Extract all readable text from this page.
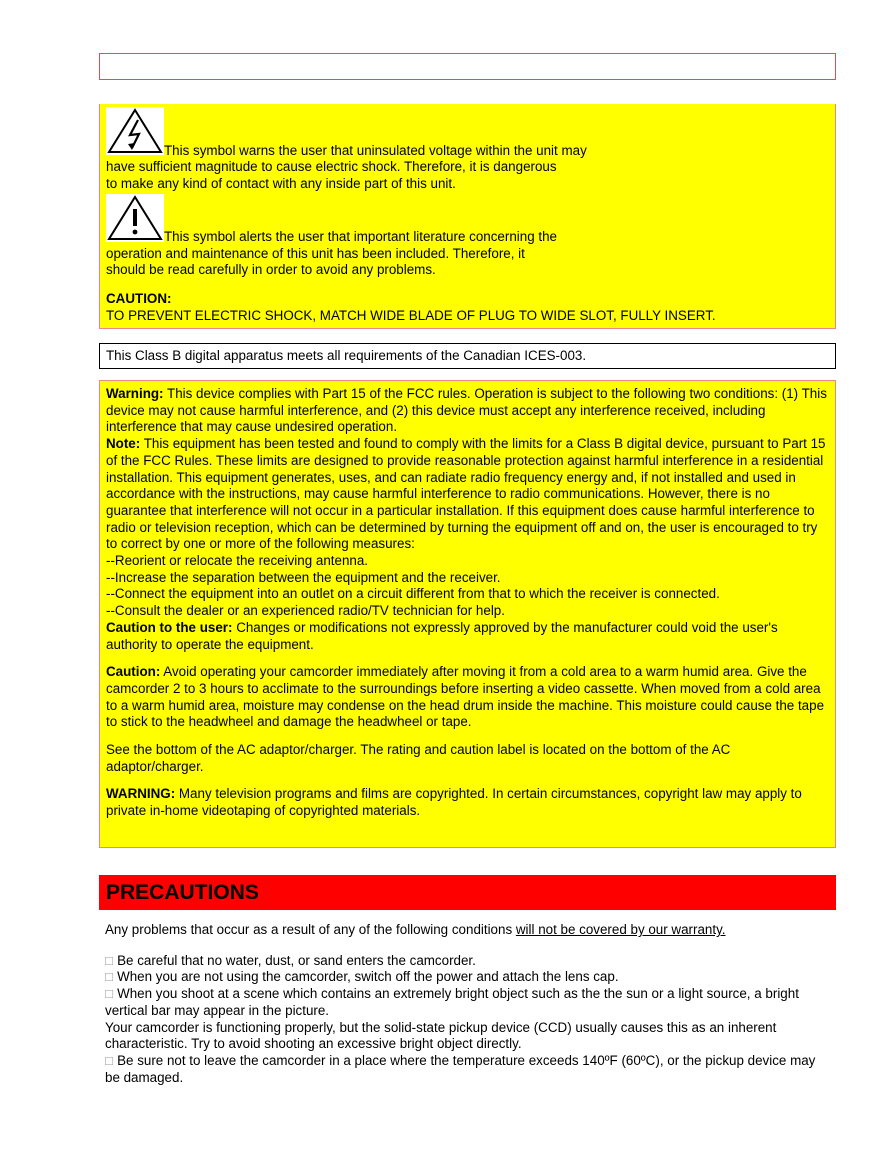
This symbol warns the user that uninsulated voltage within the unit may
have sufficient magnitude to cause electric shock. Therefore, it is dangerous
to make any kind of contact with any inside part of this unit.
This symbol alerts the user that important literature concerning the
operation and maintenance of this unit has been included. Therefore, it
should be read carefully in order to avoid any problems.
CAUTION:
TO PREVENT ELECTRIC SHOCK, MATCH WIDE BLADE OF PLUG TO WIDE SLOT, FULLY INSERT.
This Class B digital apparatus meets all requirements of the Canadian ICES-003.

Warning: This device complies with Part 15 of the FCC rules. Operation is subject to the following two conditions: (1) This device may not cause harmful interference, and (2) this device must accept any interference received, including interference that may cause undesired operation.

Note: This equipment has been tested and found to comply with the limits for a Class B digital device, pursuant to Part 15 of the FCC Rules. These limits are designed to provide reasonable protection against harmful interference in a residential installation. This equipment generates, uses, and can radiate radio frequency energy and, if not installed and used in accordance with the instructions, may cause harmful interference to radio communications. However, there is no guarantee that interference will not occur in a particular installation. If this equipment does cause harmful interference to radio or television reception, which can be determined by turning the equipment off and on, the user is encouraged to try to correct by one or more of the following measures:

--Reorient or relocate the receiving antenna.

--Increase the separation between the equipment and the receiver.

--Connect the equipment into an outlet on a circuit different from that to which the receiver is connected.

--Consult the dealer or an experienced radio/TV technician for help.

Caution to the user: Changes or modifications not expressly approved by the manufacturer could void the user's authority to operate the equipment.

Caution: Avoid operating your camcorder immediately after moving it from a cold area to a warm humid area. Give the camcorder 2 to 3 hours to acclimate to the surroundings before inserting a video cassette. When moved from a cold area to a warm humid area, moisture may condense on the head drum inside the machine. This moisture could cause the tape to stick to the headwheel and damage the headwheel or tape.

See the bottom of the AC adaptor/charger. The rating and caution label is located on the bottom of the AC adaptor/charger.

WARNING: Many television programs and films are copyrighted. In certain circumstances, copyright law may apply to private in-home videotaping of copyrighted materials.

PRECAUTIONS

Any problems that occur as a result of any of the following conditions will not be covered by our warranty.

□ Be careful that no water, dust, or sand enters the camcorder.

□ When you are not using the camcorder, switch off the power and attach the lens cap.

□ When you shoot at a scene which contains an extremely bright object such as the the sun or a light source, a bright vertical bar may appear in the picture.

Your camcorder is functioning properly, but the solid-state pickup device (CCD) usually causes this as an inherent characteristic. Try to avoid shooting an excessive bright object directly.

□ Be sure not to leave the camcorder in a place where the temperature exceeds 140ºF (60ºC), or the pickup device may be damaged.
